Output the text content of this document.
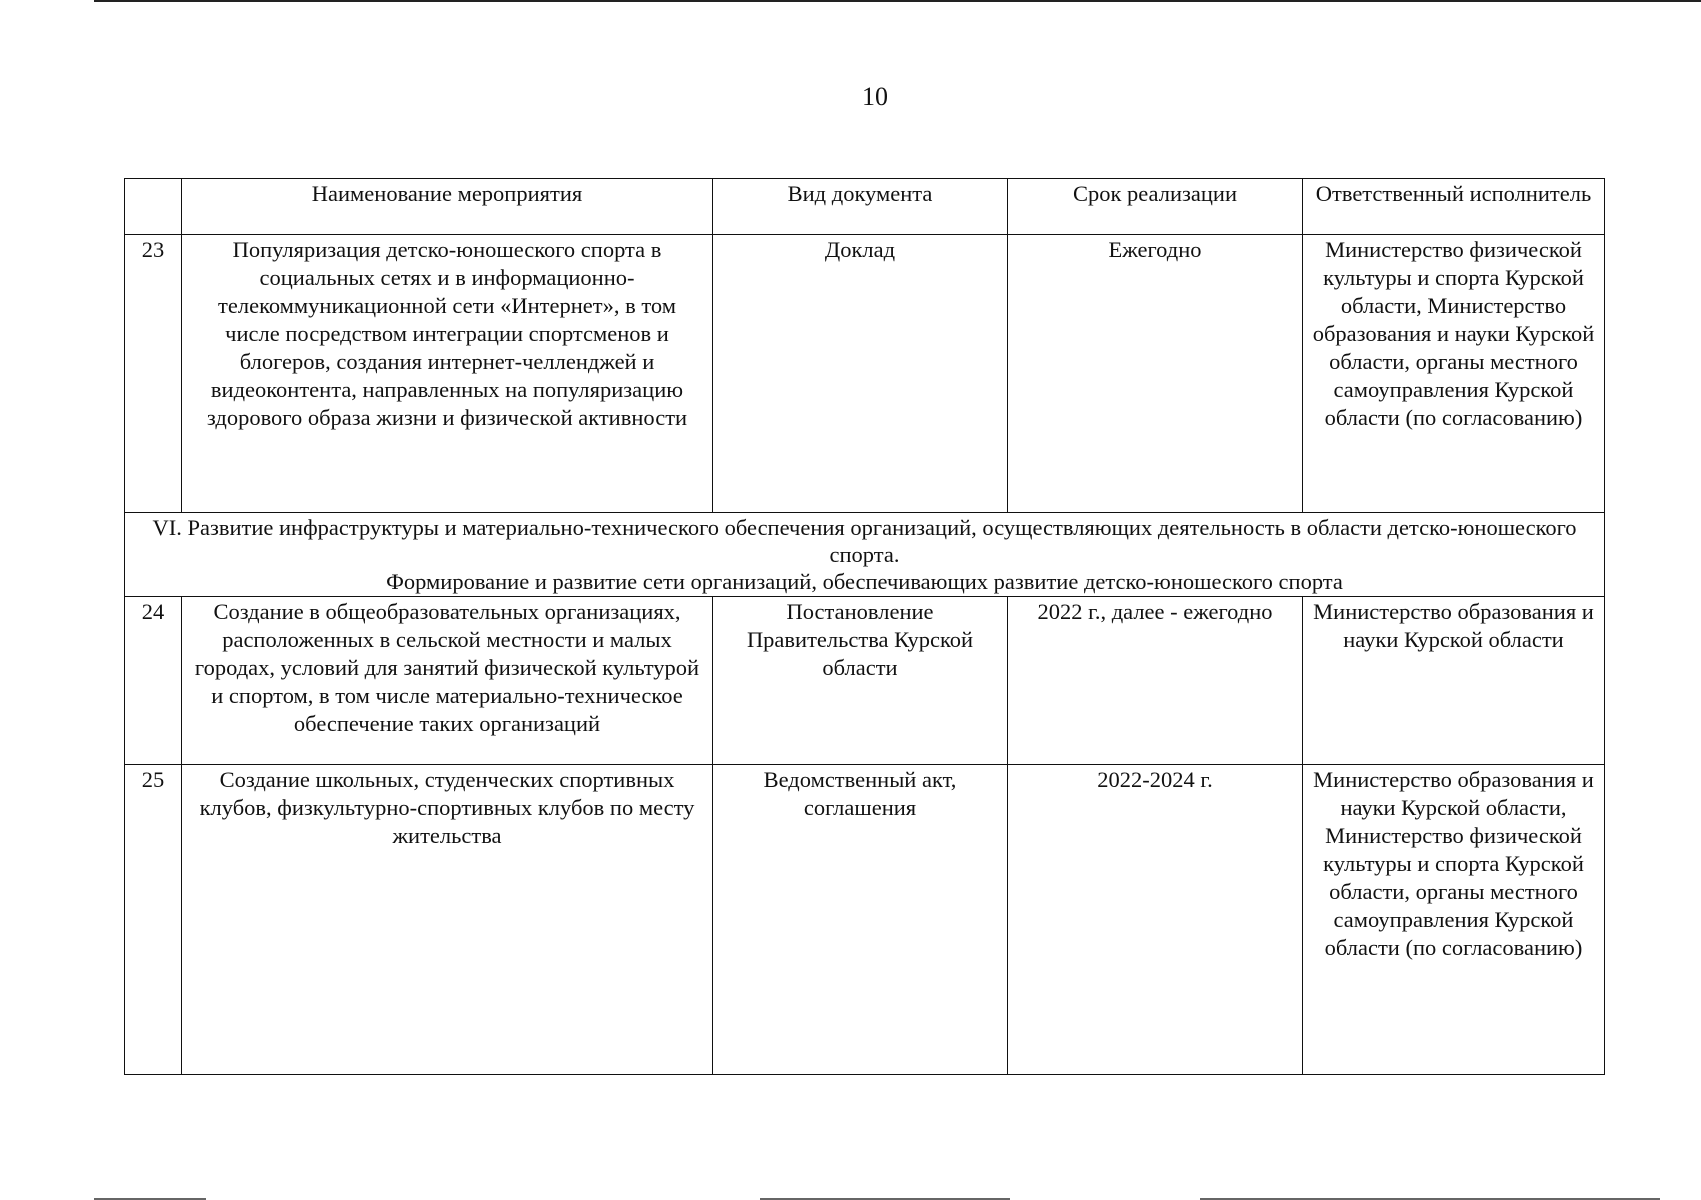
10
	Наименование мероприятия	Вид документа	Срок реализации	Ответственный исполнитель
23	Популяризация детско-юношеского спорта в социальных сетях и в информационно-телекоммуникационной сети «Интернет», в том числе посредством интеграции спортсменов и блогеров, создания интернет-челленджей и видеоконтента, направленных на популяризацию здорового образа жизни и физической активности	Доклад	Ежегодно	Министерство физической культуры и спорта Курской области, Министерство образования и науки Курской области, органы местного самоуправления Курской области (по согласованию)

VI. Развитие инфраструктуры и материально-технического обеспечения организаций, осуществляющих деятельность в области детско-юношеского спорта.
Формирование и развитие сети организаций, обеспечивающих развитие детско-юношеского спорта				

24	Создание в общеобразовательных организациях, расположенных в сельской местности и малых городах, условий для занятий физической культурой и спортом, в том числе материально-техническое обеспечение таких организаций	Постановление Правительства Курской области	2022 г., далее - ежегодно	Министерство образования и науки Курской области
25	Создание школьных, студенческих спортивных клубов, физкультурно-спортивных клубов по месту жительства	Ведомственный акт, соглашения	2022-2024 г.	Министерство образования и науки Курской области, Министерство физической культуры и спорта Курской области, органы местного самоуправления Курской области (по согласованию)
